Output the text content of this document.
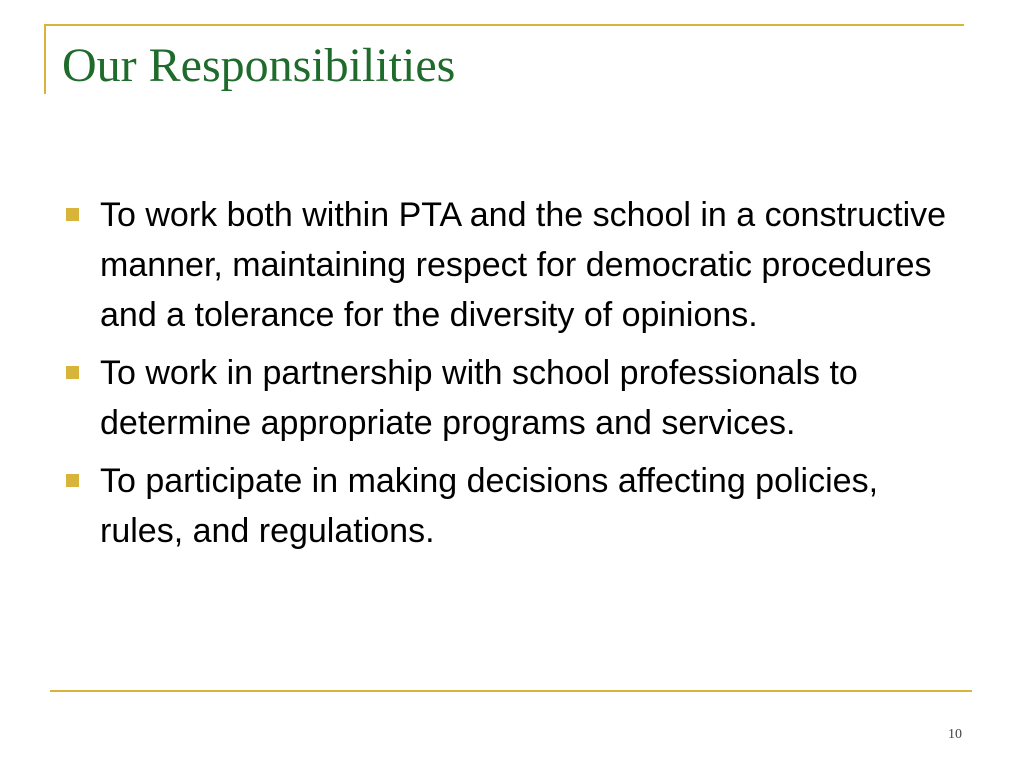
Our Responsibilities
To work both within PTA and the school in a constructive manner, maintaining respect for democratic procedures and a tolerance for the diversity of opinions.
To work in partnership with school professionals to determine appropriate programs and services.
To participate in making decisions affecting policies, rules, and regulations.
10
